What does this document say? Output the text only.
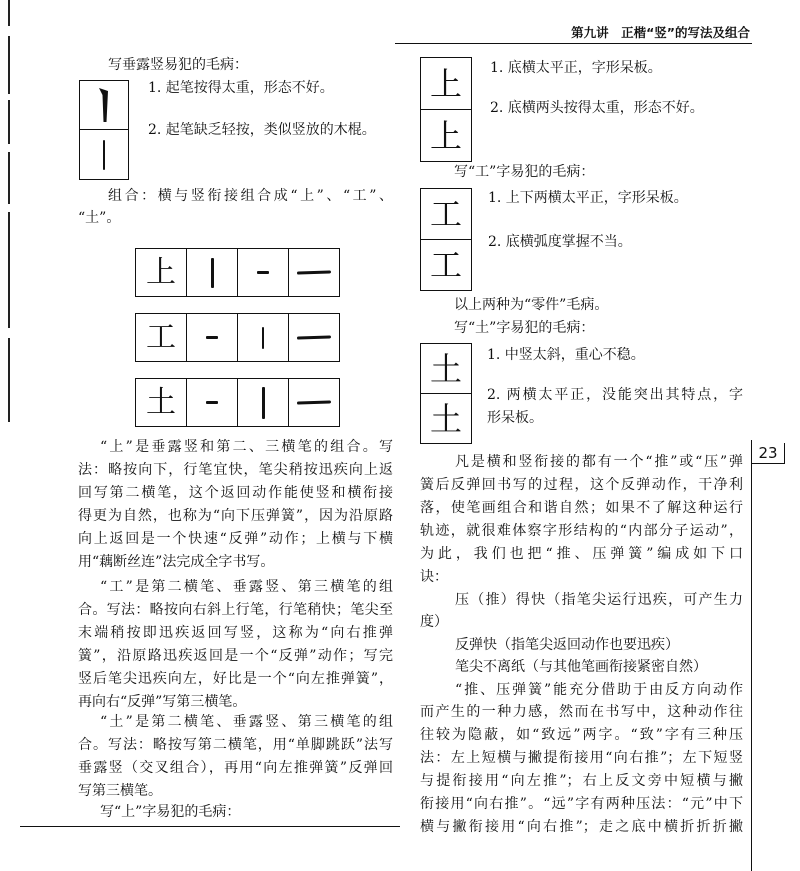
第九讲　正楷“竖”的写法及组合
23
写垂露竖易犯的毛病：
1. 起笔按得太重，形态不好。
2. 起笔缺乏轻按，类似竖放的木棍。
组合：横与竖衔接组合成“上”、“工”、
“土”。
上
工
土
“上”是垂露竖和第二、三横笔的组合。写
法：略按向下，行笔宜快，笔尖稍按迅疾向上返
回写第二横笔，这个返回动作能使竖和横衔接
得更为自然，也称为“向下压弹簧”，因为沿原路
向上返回是一个快速“反弹”动作；上横与下横
用“藕断丝连”法完成全字书写。
“工”是第二横笔、垂露竖、第三横笔的组
合。写法：略按向右斜上行笔，行笔稍快；笔尖至
末端稍按即迅疾返回写竖，这称为“向右推弹
簧”，沿原路迅疾返回是一个“反弹”动作；写完
竖后笔尖迅疾向左，好比是一个“向左推弹簧”，
再向右“反弹”写第三横笔。
“土”是第二横笔、垂露竖、第三横笔的组
合。写法：略按写第二横笔，用“单脚跳跃”法写
垂露竖（交叉组合），再用“向左推弹簧”反弹回
写第三横笔。
写“上”字易犯的毛病：
上
上
1. 底横太平正，字形呆板。
2. 底横两头按得太重，形态不好。
写“工”字易犯的毛病：
工
工
1. 上下两横太平正，字形呆板。
2. 底横弧度掌握不当。
以上两种为“零件”毛病。
写“土”字易犯的毛病：
土
土
1. 中竖太斜，重心不稳。
2. 两横太平正，没能突出其特点，字
形呆板。
凡是横和竖衔接的都有一个“推”或“压”弹
簧后反弹回书写的过程，这个反弹动作，干净利
落，使笔画组合和谐自然；如果不了解这种运行
轨迹，就很难体察字形结构的“内部分子运动”，
为此，我们也把“推、压弹簧”编成如下口
诀：
压（推）得快（指笔尖运行迅疾，可产生力
度）
反弹快（指笔尖返回动作也要迅疾）
笔尖不离纸（与其他笔画衔接紧密自然）
“推、压弹簧”能充分借助于由反方向动作
而产生的一种力感，然而在书写中，这种动作往
往较为隐蔽，如“致远”两字。“致”字有三种压
法：左上短横与撇提衔接用“向右推”；左下短竖
与提衔接用“向左推”；右上反文旁中短横与撇
衔接用“向右推”。“远”字有两种压法：“元”中下
横与撇衔接用“向右推”；走之底中横折折折撇
